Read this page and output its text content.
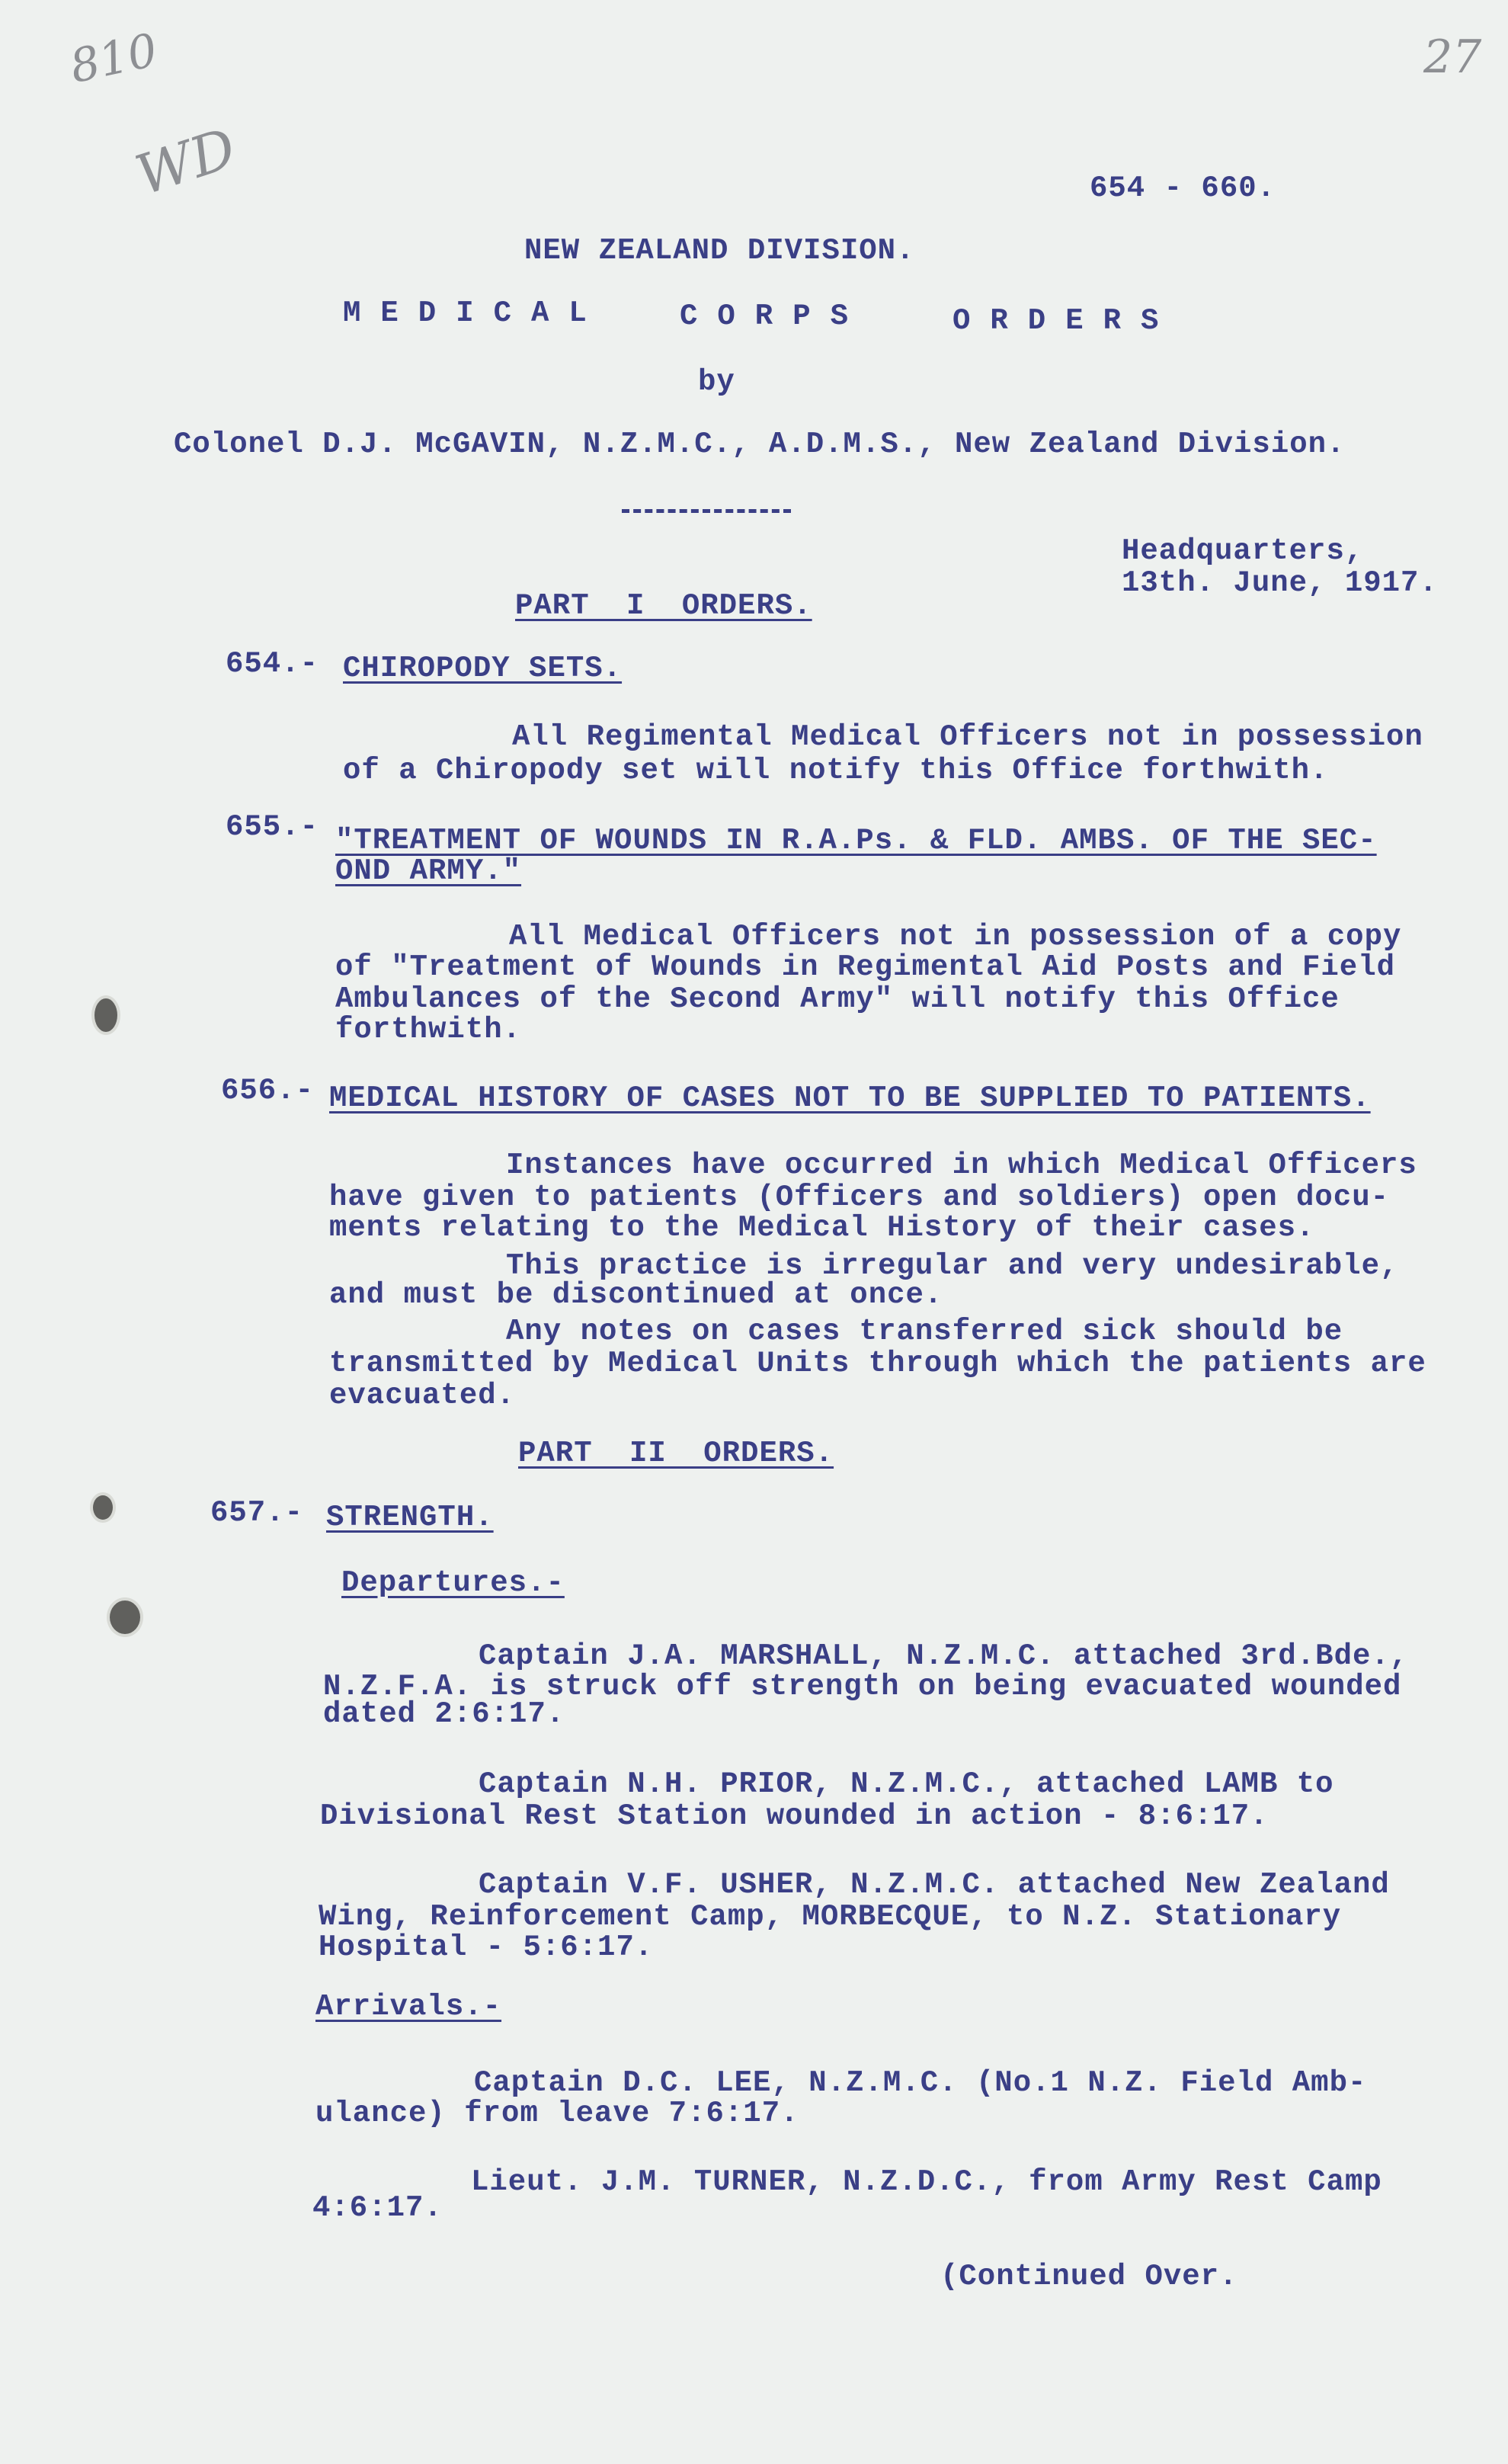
810
WD
27
654 - 660.
NEW ZEALAND DIVISION.
MEDICAL CORPS	ORDERS
by
Colonel D.J. McGAVIN, N.Z.M.C., A.D.M.S., New Zealand Division.
Headquarters,
13th. June, 1917.
PART I ORDERS.
654.- CHIROPODY SETS.
All Regimental Medical Officers not in possession
of a Chiropody set will notify this Office forthwith.
655.- "TREATMENT OF WOUNDS IN R.A.Ps. & FLD. AMBS. OF THE SEC-
OND ARMY."
All Medical Officers not in possession of a copy
of "Treatment of Wounds in Regimental Aid Posts and Field
Ambulances of the Second Army" will notify this Office
forthwith.
656.- MEDICAL HISTORY OF CASES NOT TO BE SUPPLIED TO PATIENTS.
Instances have occurred in which Medical Officers
have given to patients (Officers and soldiers) open docu-
ments relating to the Medical History of their cases.
This practice is irregular and very undesirable,
and must be discontinued at once.
Any notes on cases transferred sick should be
transmitted by Medical Units through which the patients are
evacuated.
PART II ORDERS.
657.- STRENGTH.
Departures.-
Captain J.A. MARSHALL, N.Z.M.C. attached 3rd.Bde.,
N.Z.F.A. is struck off strength on being evacuated wounded
dated 2:6:17.
Captain N.H. PRIOR, N.Z.M.C., attached LAMB to
Divisional Rest Station wounded in action - 8:6:17.
Captain V.F. USHER, N.Z.M.C. attached New Zealand
Wing, Reinforcement Camp, MORBECQUE, to N.Z. Stationary
Hospital - 5:6:17.
Arrivals.-
Captain D.C. LEE, N.Z.M.C. (No.1 N.Z. Field Amb-
ulance) from leave 7:6:17.
Lieut. J.M. TURNER, N.Z.D.C., from Army Rest Camp
4:6:17.
(Continued Over.
